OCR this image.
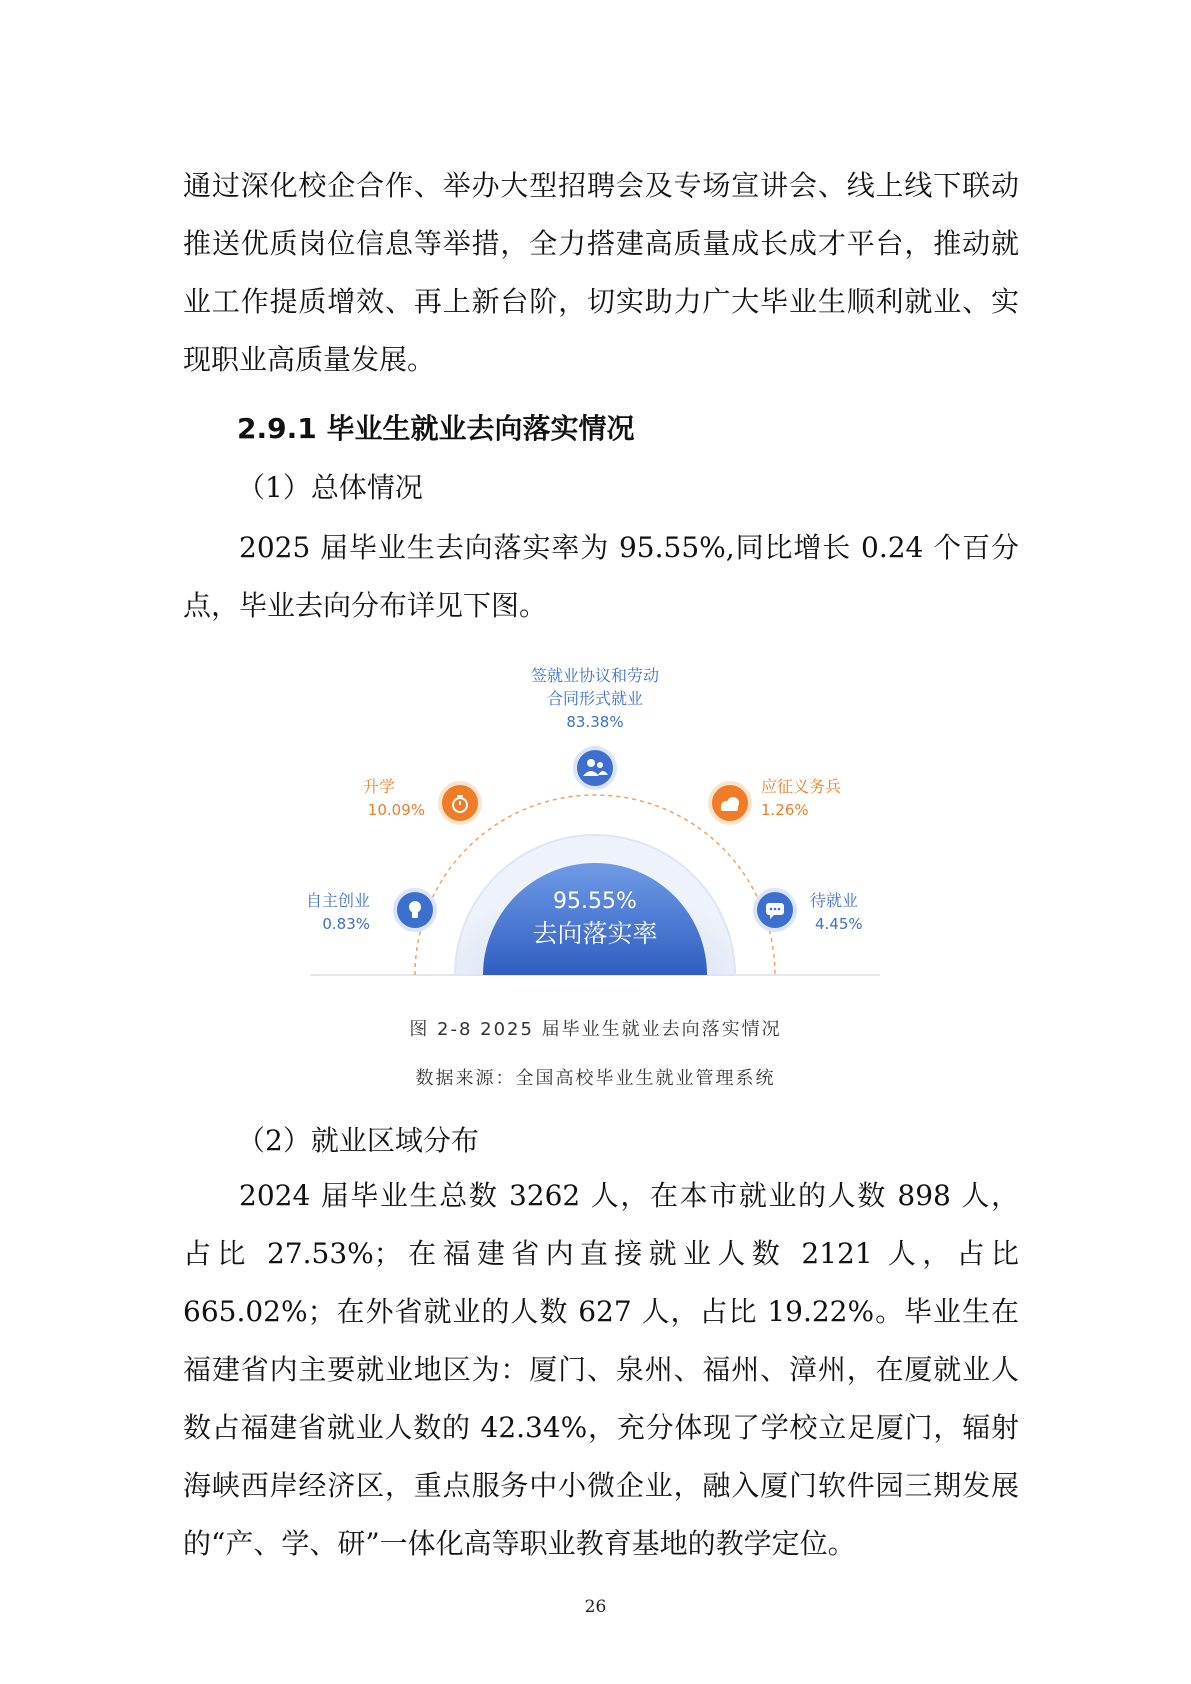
通过深化校企合作、举办大型招聘会及专场宣讲会、线上线下联动推送优质岗位信息等举措，全力搭建高质量成长成才平台，推动就业工作提质增效、再上新台阶，切实助力广大毕业生顺利就业、实现职业高质量发展。

2.9.1 毕业生就业去向落实情况

（1）总体情况

2025 届毕业生去向落实率为 95.55%,同比增长 0.24 个百分点，毕业去向分布详见下图。

95.55%
去向落实率
签就业协议和劳动
合同形式就业
83.38%
升学
10.09%
应征义务兵
1.26%
自主创业
0.83%
待就业
4.45%
图 2-8 2025 届毕业生就业去向落实情况
数据来源：全国高校毕业生就业管理系统

（2）就业区域分布

2024 届毕业生总数 3262 人，在本市就业的人数 898 人， 占比 27.53%；在福建省内直接就业人数 2121 人，占比 665.02%；在外省就业的人数 627 人，占比 19.22%。毕业生在福建省内主要就业地区为：厦门、泉州、福州、漳州，在厦就业人数占福建省就业人数的 42.34%，充分体现了学校立足厦门，辐射海峡西岸经济区，重点服务中小微企业，融入厦门软件园三期发展的“产、学、研”一体化高等职业教育基地的教学定位。

26
